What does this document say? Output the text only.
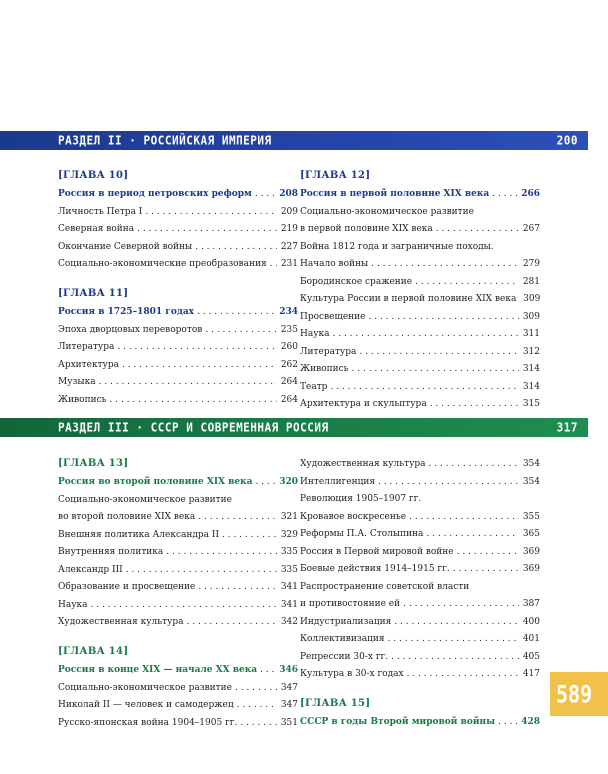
РАЗДЕЛ II · РОССИЙСКАЯ ИМПЕРИЯ	200
[ГЛАВА 10]
Россия в период петровских реформ . . .	208
Личность Петра I . . .	209
Северная война . . .	219
Окончание Северной войны . . .	227
Социально-экономические преобразования . . . 231
[ГЛАВА 11]
Россия в 1725–1801 годах . . .	234
Эпоха дворцовых переворотов . . .	235
Литература . . .	260
Архитектура . . .	262
Музыка . . .	264
Живопись . . .	264
[ГЛАВА 12]
Россия в первой половине XIX века . . .	266
Социально-экономическое развитие
в первой половине XIX века . . .	267
Война 1812 года и заграничные походы.
Начало войны . . .	279
Бородинское сражение . . .	281
Культура России в первой половине XIX века 309
Просвещение . . .	309
Наука . . .	311
Литература . . .	312
Живопись . . .	314
Театр . . .	314
Архитектура и скульптура . . .	315
РАЗДЕЛ III · СССР И СОВРЕМЕННАЯ РОССИЯ	317
[ГЛАВА 13]
Россия во второй половине XIX века . . .	320
Социально-экономическое развитие
во второй половине XIX века . . .	321
Внешняя политика Александра II . . .	329
Внутренняя политика . . .	335
Александр III . . .	335
Образование и просвещение . . .	341
Наука . . .	341
Художественная культура . . .	342
[ГЛАВА 14]
Россия в конце XIX — начале XX века . . . 346
Социально-экономическое развитие . . .	347
Николай II — человек и самодержец . . .	347
Русско-японская война 1904–1905 гг. . . .	351
Художественная культура . . .	354
Интеллигенция . . .	354
Революция 1905–1907 гг.
Кровавое воскресенье . . .	355
Реформы П.А. Столыпина . . .	365
Россия в Первой мировой войне . . .	369
Боевые действия 1914–1915 гг. . . .	369
Распространение советской власти
и противостояние ей . . .	387
Индустриализация . . .	400
Коллективизация . . .	401
Репрессии 30-х гг. . . .	405
Культура в 30-х годах . . .	417
[ГЛАВА 15]
СССР в годы Второй мировой войны . . .	428
589
